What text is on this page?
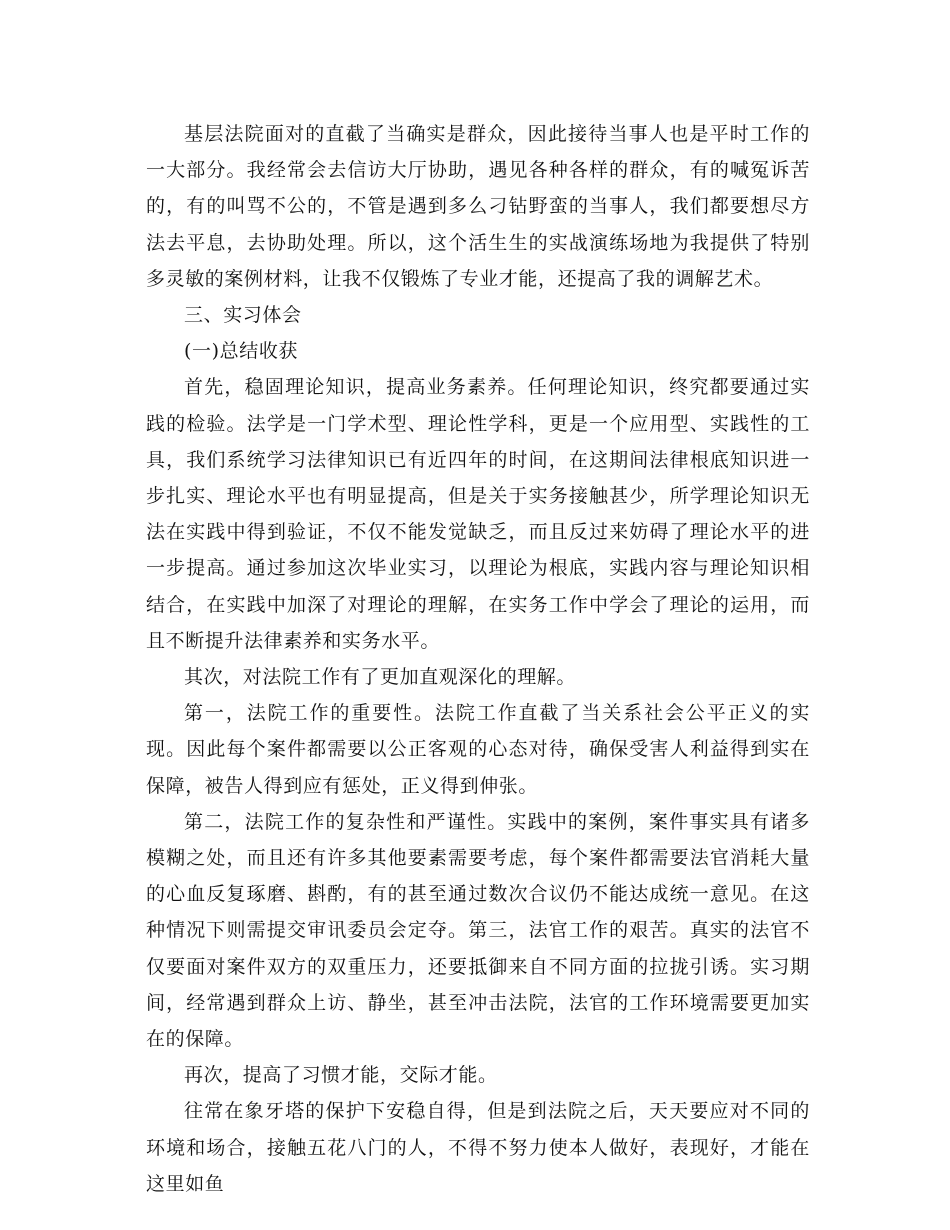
基层法院面对的直截了当确实是群众，因此接待当事人也是平时工作的一大部分。我经常会去信访大厅协助，遇见各种各样的群众，有的喊冤诉苦的，有的叫骂不公的，不管是遇到多么刁钻野蛮的当事人，我们都要想尽方法去平息，去协助处理。所以，这个活生生的实战演练场地为我提供了特别多灵敏的案例材料，让我不仅锻炼了专业才能，还提高了我的调解艺术。

三、实习体会

(一)总结收获

首先，稳固理论知识，提高业务素养。任何理论知识，终究都要通过实践的检验。法学是一门学术型、理论性学科，更是一个应用型、实践性的工具，我们系统学习法律知识已有近四年的时间，在这期间法律根底知识进一步扎实、理论水平也有明显提高，但是关于实务接触甚少，所学理论知识无法在实践中得到验证，不仅不能发觉缺乏，而且反过来妨碍了理论水平的进一步提高。通过参加这次毕业实习，以理论为根底，实践内容与理论知识相结合，在实践中加深了对理论的理解，在实务工作中学会了理论的运用，而且不断提升法律素养和实务水平。

其次，对法院工作有了更加直观深化的理解。

第一，法院工作的重要性。法院工作直截了当关系社会公平正义的实现。因此每个案件都需要以公正客观的心态对待，确保受害人利益得到实在保障，被告人得到应有惩处，正义得到伸张。

第二，法院工作的复杂性和严谨性。实践中的案例，案件事实具有诸多模糊之处，而且还有许多其他要素需要考虑，每个案件都需要法官消耗大量的心血反复琢磨、斟酌，有的甚至通过数次合议仍不能达成统一意见。在这种情况下则需提交审讯委员会定夺。第三，法官工作的艰苦。真实的法官不仅要面对案件双方的双重压力，还要抵御来自不同方面的拉拢引诱。实习期间，经常遇到群众上访、静坐，甚至冲击法院，法官的工作环境需要更加实在的保障。

再次，提高了习惯才能，交际才能。

往常在象牙塔的保护下安稳自得，但是到法院之后，天天要应对不同的环境和场合，接触五花八门的人，不得不努力使本人做好，表现好，才能在这里如鱼
